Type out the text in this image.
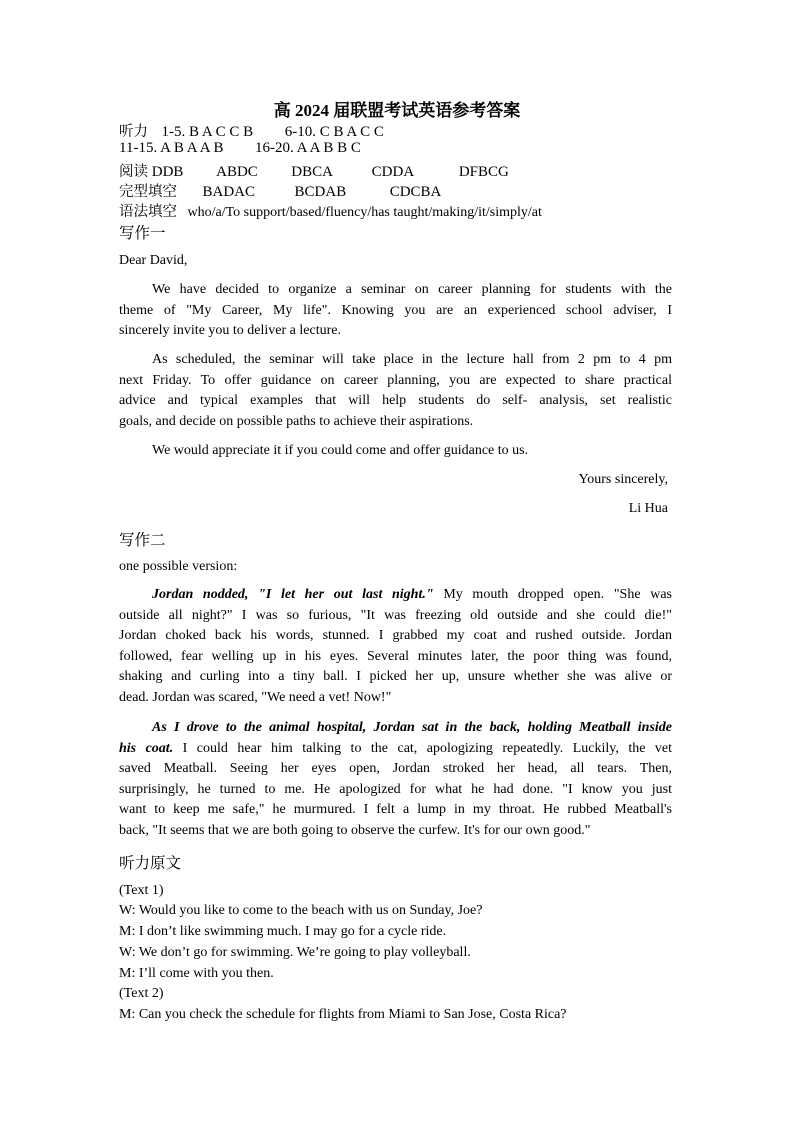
高 2024 届联盟考试英语参考答案
听力 1-5. B A C C B 6-10. C B A C C
11-15. A B A A B 16-20. A A B B C
阅读 DDB ABDC DBCA	CDDA	DFBCG
完型填空 BADAC	BCDAB	CDCBA
语法填空 who/a/To support/based/fluency/has taught/making/it/simply/at
写作一
Dear David,
We have decided to organize a seminar on career planning for students with the
theme of "My Career, My life". Knowing you are an experienced school adviser, I
sincerely invite you to deliver a lecture.
As scheduled, the seminar will take place in the lecture hall from 2 pm to 4 pm
next Friday. To offer guidance on career planning, you are expected to share practical
advice and typical examples that will help students do self- analysis, set realistic
goals, and decide on possible paths to achieve their aspirations.
We would appreciate it if you could come and offer guidance to us.
Yours sincerely,
Li Hua
写作二
one possible version:
Jordan nodded, "I let her out last night." My mouth dropped open. "She was
outside all night?" I was so furious, "It was freezing old outside and she could die!"
Jordan choked back his words, stunned. I grabbed my coat and rushed outside. Jordan
followed, fear welling up in his eyes. Several minutes later, the poor thing was found,
shaking and curling into a tiny ball. I picked her up, unsure whether she was alive or
dead. Jordan was scared, "We need a vet! Now!"
As I drove to the animal hospital, Jordan sat in the back, holding Meatball inside
his coat. I could hear him talking to the cat, apologizing repeatedly. Luckily, the vet
saved Meatball. Seeing her eyes open, Jordan stroked her head, all tears. Then,
surprisingly, he turned to me. He apologized for what he had done. "I know you just
want to keep me safe," he murmured. I felt a lump in my throat. He rubbed Meatball's
back, "It seems that we are both going to observe the curfew. It's for our own good."
听力原文
(Text 1)
W: Would you like to come to the beach with us on Sunday, Joe?
M: I don’t like swimming much. I may go for a cycle ride.
W: We don’t go for swimming. We’re going to play volleyball.
M: I’ll come with you then.
(Text 2)
M: Can you check the schedule for flights from Miami to San Jose, Costa Rica?
